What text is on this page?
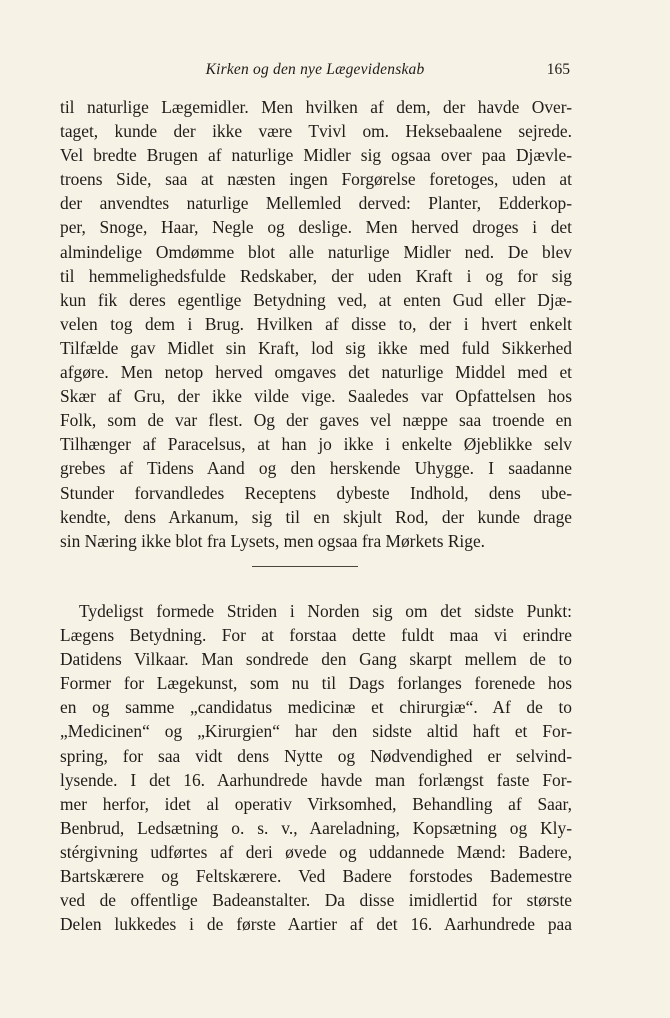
Kirken og den nye Lægevidenskab	165
til naturlige Lægemidler. Men hvilken af dem, der havde Over-
taget, kunde der ikke være Tvivl om. Heksebaalene sejrede.
Vel bredte Brugen af naturlige Midler sig ogsaa over paa Djævle-
troens Side, saa at næsten ingen Forgørelse foretoges, uden at
der anvendtes naturlige Mellemled derved: Planter, Edderkop-
per, Snoge, Haar, Negle og deslige. Men herved droges i det
almindelige Omdømme blot alle naturlige Midler ned. De blev
til hemmelighedsfulde Redskaber, der uden Kraft i og for sig
kun fik deres egentlige Betydning ved, at enten Gud eller Djæ-
velen tog dem i Brug. Hvilken af disse to, der i hvert enkelt
Tilfælde gav Midlet sin Kraft, lod sig ikke med fuld Sikkerhed
afgøre. Men netop herved omgaves det naturlige Middel med et
Skær af Gru, der ikke vilde vige. Saaledes var Opfattelsen hos
Folk, som de var flest. Og der gaves vel næppe saa troende en
Tilhænger af Paracelsus, at han jo ikke i enkelte Øjeblikke selv
grebes af Tidens Aand og den herskende Uhygge. I saadanne
Stunder forvandledes Receptens dybeste Indhold, dens ube-
kendte, dens Arkanum, sig til en skjult Rod, der kunde drage
sin Næring ikke blot fra Lysets, men ogsaa fra Mørkets Rige.
Tydeligst formede Striden i Norden sig om det sidste Punkt:
Lægens Betydning. For at forstaa dette fuldt maa vi erindre
Datidens Vilkaar. Man sondrede den Gang skarpt mellem de to
Former for Lægekunst, som nu til Dags forlanges forenede hos
en og samme „candidatus medicinæ et chirurgiæ“. Af de to
„Medicinen“ og „Kirurgien“ har den sidste altid haft et For-
spring, for saa vidt dens Nytte og Nødvendighed er selvind-
lysende. I det 16. Aarhundrede havde man forlængst faste For-
mer herfor, idet al operativ Virksomhed, Behandling af Saar,
Benbrud, Ledsætning o. s. v., Aareladning, Kopsætning og Kly-
stérgivning udførtes af deri øvede og uddannede Mænd: Badere,
Bartskærere og Feltskærere. Ved Badere forstodes Bademestre
ved de offentlige Badeanstalter. Da disse imidlertid for største
Delen lukkedes i de første Aartier af det 16. Aarhundrede paa
